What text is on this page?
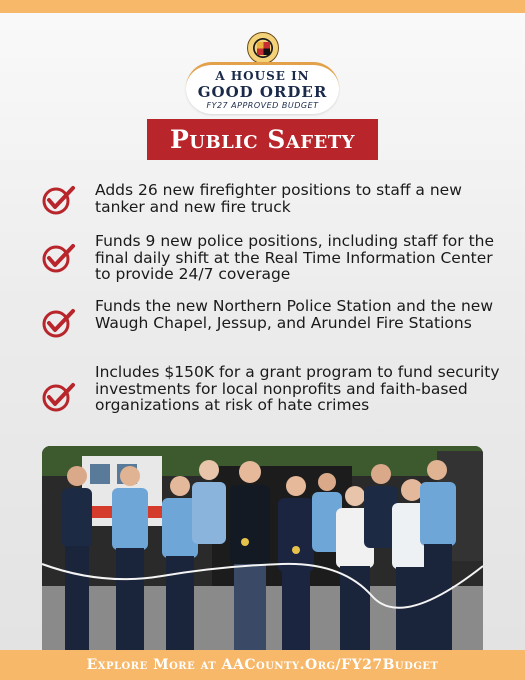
A HOUSE IN
GOOD ORDER
FY27 APPROVED BUDGET
Public Safety
Adds 26 new firefighter positions to staff a new tanker and new fire truck
Funds 9 new police positions, including staff for the final daily shift at the Real Time Information Center to provide 24/7 coverage
Funds the new Northern Police Station and the new Waugh Chapel, Jessup, and Arundel Fire Stations
Includes $150K for a grant program to fund security investments for local nonprofits and faith-based organizations at risk of hate crimes
Explore More at AACounty.Org/FY27Budget
